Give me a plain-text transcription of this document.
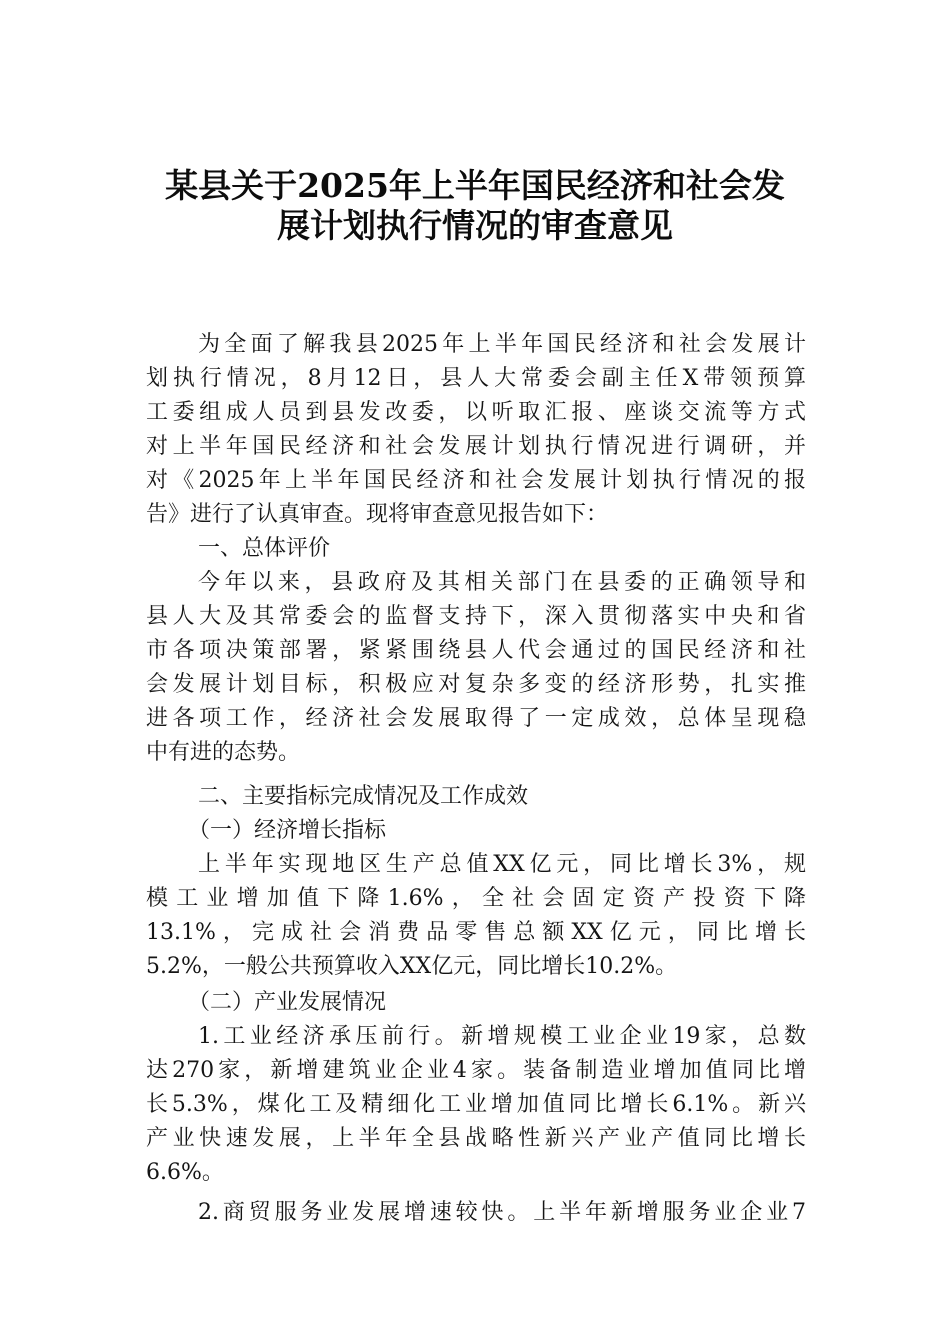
某县关于2025年上半年国民经济和社会发
展计划执行情况的审查意见
为全面了解我县2025年上半年国民经济和社会发展计
划执行情况，8月12日，县人大常委会副主任X带领预算
工委组成人员到县发改委，以听取汇报、座谈交流等方式
对上半年国民经济和社会发展计划执行情况进行调研，并
对《2025年上半年国民经济和社会发展计划执行情况的报
告》进行了认真审查。现将审查意见报告如下：
一、总体评价
今年以来，县政府及其相关部门在县委的正确领导和
县人大及其常委会的监督支持下，深入贯彻落实中央和省
市各项决策部署，紧紧围绕县人代会通过的国民经济和社
会发展计划目标，积极应对复杂多变的经济形势，扎实推
进各项工作，经济社会发展取得了一定成效，总体呈现稳
中有进的态势。
二、主要指标完成情况及工作成效
（一）经济增长指标
上半年实现地区生产总值XX亿元，同比增长3%，规
模工业增加值下降1.6%，全社会固定资产投资下降
13.1%，完成社会消费品零售总额XX亿元，同比增长
5.2%，一般公共预算收入XX亿元，同比增长10.2%。
（二）产业发展情况
1.工业经济承压前行。新增规模工业企业19家，总数
达270家，新增建筑业企业4家。装备制造业增加值同比增
长5.3%，煤化工及精细化工业增加值同比增长6.1%。新兴
产业快速发展，上半年全县战略性新兴产业产值同比增长
6.6%。
2.商贸服务业发展增速较快。上半年新增服务业企业7
